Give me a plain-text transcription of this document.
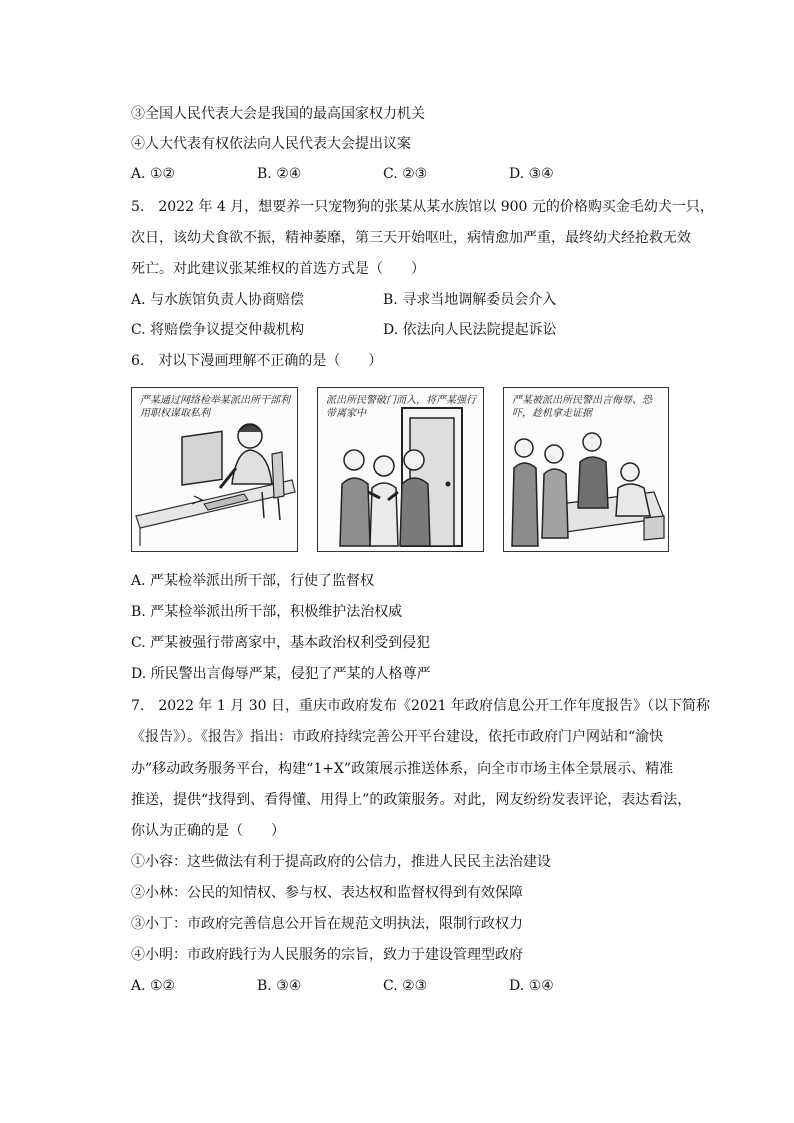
③全国人民代表大会是我国的最高国家权力机关
④人大代表有权依法向人民代表大会提出议案
A. ①②	B. ②④	C. ②③	D. ③④
5.　2022 年 4 月，想要养一只宠物狗的张某从某水族馆以 900 元的价格购买金毛幼犬一只，
次日，该幼犬食欲不振，精神萎靡，第三天开始呕吐，病情愈加严重，最终幼犬经抢救无效
死亡。对此建议张某维权的首选方式是（　　）
A. 与水族馆负责人协商赔偿	B. 寻求当地调解委员会介入
C. 将赔偿争议提交仲裁机构	D. 依法向人民法院提起诉讼
6.　对以下漫画理解不正确的是（　　）
严某通过网络检举某派出所干部利用职权谋取私利
派出所民警破门而入，将严某强行带离家中
严某被派出所民警出言侮辱、恐吓，趁机拿走证据
A. 严某检举派出所干部，行使了监督权
B. 严某检举派出所干部，积极维护法治权威
C. 严某被强行带离家中，基本政治权利受到侵犯
D. 所民警出言侮辱严某，侵犯了严某的人格尊严
7.　2022 年 1 月 30 日，重庆市政府发布《2021 年政府信息公开工作年度报告》（以下简称
《报告》）。《报告》指出：市政府持续完善公开平台建设，依托市政府门户网站和“渝快
办”移动政务服务平台，构建“1+X”政策展示推送体系，向全市市场主体全景展示、精准
推送，提供“找得到、看得懂、用得上”的政策服务。对此，网友纷纷发表评论，表达看法，
你认为正确的是（　　）
①小容：这些做法有利于提高政府的公信力，推进人民民主法治建设
②小林：公民的知情权、参与权、表达权和监督权得到有效保障
③小丁：市政府完善信息公开旨在规范文明执法，限制行政权力
④小明：市政府践行为人民服务的宗旨，致力于建设管理型政府
A. ①②	B. ③④	C. ②③	D. ①④
